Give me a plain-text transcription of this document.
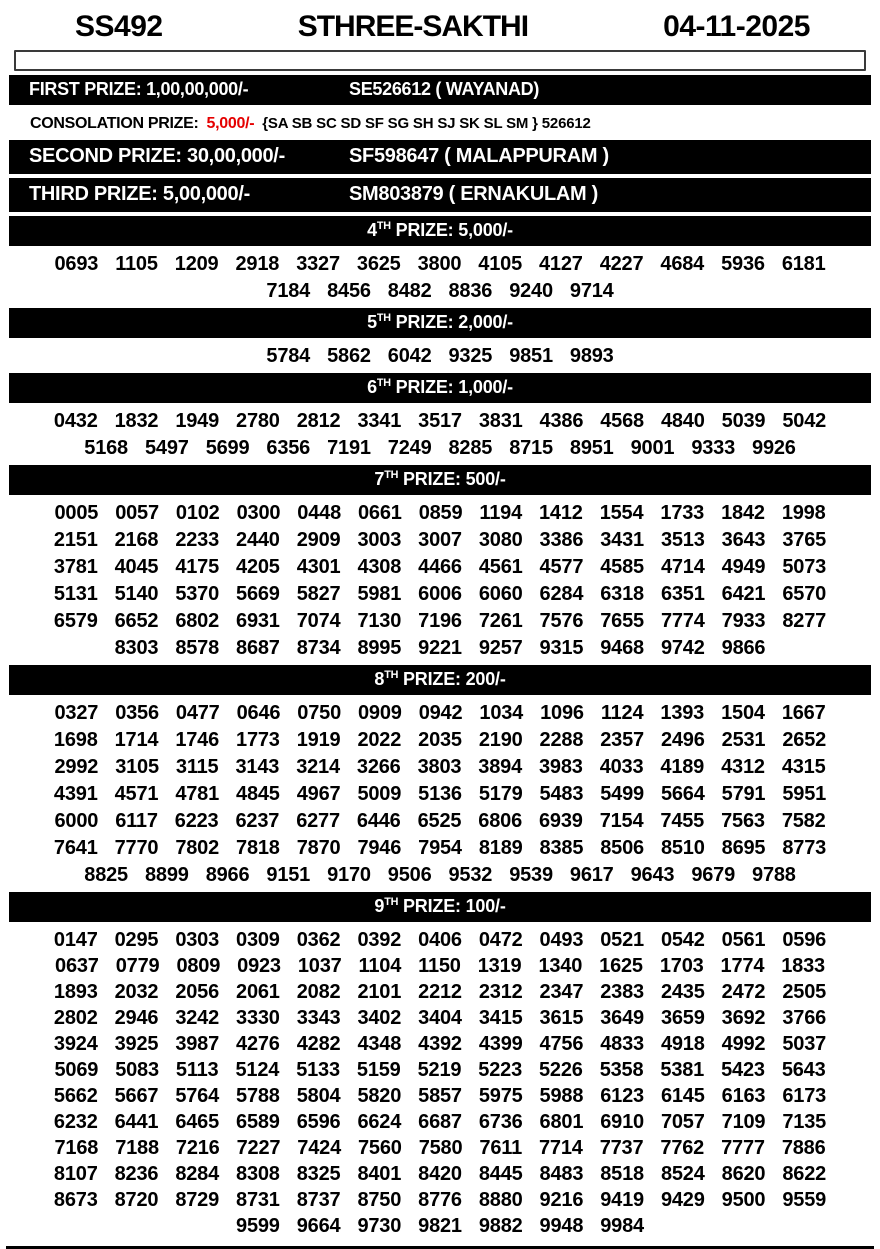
SS492	STHREE-SAKTHI	04-11-2025
FIRST PRIZE: 1,00,00,000/-	SE526612 ( WAYANAD)
CONSOLATION PRIZE: 5,000/- {SA SB SC SD SF SG SH SJ SK SL SM } 526612
SECOND PRIZE: 30,00,000/-	SF598647 ( MALAPPURAM )
THIRD PRIZE: 5,00,000/-	SM803879 ( ERNAKULAM )
4TH PRIZE: 5,000/-
0693 1105 1209 2918 3327 3625 3800 4105 4127 4227 4684 5936 6181
7184 8456 8482 8836 9240 9714
5TH PRIZE: 2,000/-
5784 5862 6042 9325 9851 9893
6TH PRIZE: 1,000/-
0432 1832 1949 2780 2812 3341 3517 3831 4386 4568 4840 5039 5042
5168 5497 5699 6356 7191 7249 8285 8715 8951 9001 9333 9926
7TH PRIZE: 500/-
0005 0057 0102 0300 0448 0661 0859 1194 1412 1554 1733 1842 1998
2151 2168 2233 2440 2909 3003 3007 3080 3386 3431 3513 3643 3765
3781 4045 4175 4205 4301 4308 4466 4561 4577 4585 4714 4949 5073
5131 5140 5370 5669 5827 5981 6006 6060 6284 6318 6351 6421 6570
6579 6652 6802 6931 7074 7130 7196 7261 7576 7655 7774 7933 8277
8303 8578 8687 8734 8995 9221 9257 9315 9468 9742 9866
8TH PRIZE: 200/-
0327 0356 0477 0646 0750 0909 0942 1034 1096 1124 1393 1504 1667
1698 1714 1746 1773 1919 2022 2035 2190 2288 2357 2496 2531 2652
2992 3105 3115 3143 3214 3266 3803 3894 3983 4033 4189 4312 4315
4391 4571 4781 4845 4967 5009 5136 5179 5483 5499 5664 5791 5951
6000 6117 6223 6237 6277 6446 6525 6806 6939 7154 7455 7563 7582
7641 7770 7802 7818 7870 7946 7954 8189 8385 8506 8510 8695 8773
8825 8899 8966 9151 9170 9506 9532 9539 9617 9643 9679 9788
9TH PRIZE: 100/-
0147 0295 0303 0309 0362 0392 0406 0472 0493 0521 0542 0561 0596
0637 0779 0809 0923 1037 1104 1150 1319 1340 1625 1703 1774 1833
1893 2032 2056 2061 2082 2101 2212 2312 2347 2383 2435 2472 2505
2802 2946 3242 3330 3343 3402 3404 3415 3615 3649 3659 3692 3766
3924 3925 3987 4276 4282 4348 4392 4399 4756 4833 4918 4992 5037
5069 5083 5113 5124 5133 5159 5219 5223 5226 5358 5381 5423 5643
5662 5667 5764 5788 5804 5820 5857 5975 5988 6123 6145 6163 6173
6232 6441 6465 6589 6596 6624 6687 6736 6801 6910 7057 7109 7135
7168 7188 7216 7227 7424 7560 7580 7611 7714 7737 7762 7777 7886
8107 8236 8284 8308 8325 8401 8420 8445 8483 8518 8524 8620 8622
8673 8720 8729 8731 8737 8750 8776 8880 9216 9419 9429 9500 9559
9599 9664 9730 9821 9882 9948 9984
